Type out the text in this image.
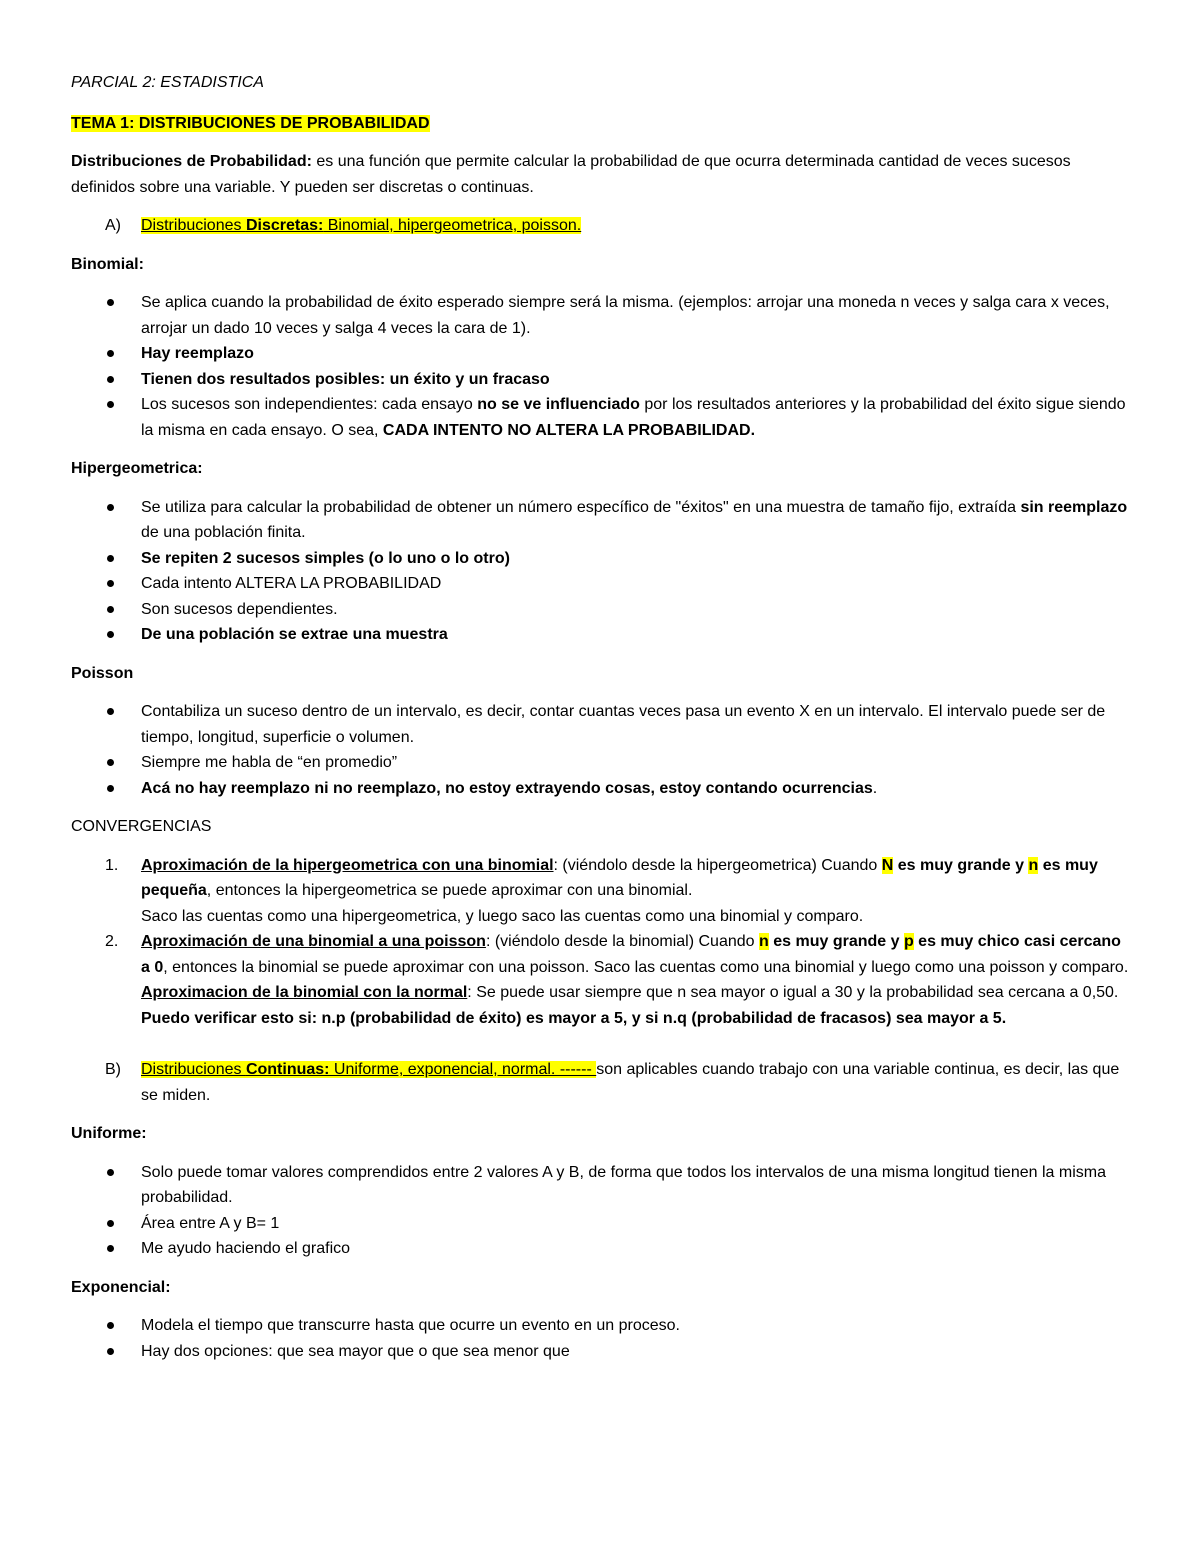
PARCIAL 2: ESTADISTICA

TEMA 1: DISTRIBUCIONES DE PROBABILIDAD

Distribuciones de Probabilidad: es una función que permite calcular la probabilidad de que ocurra determinada cantidad de veces sucesos definidos sobre una variable. Y pueden ser discretas o continuas.

A) Distribuciones Discretas: Binomial, hipergeometrica, poisson.
Binomial:
Se aplica cuando la probabilidad de éxito esperado siempre será la misma. (ejemplos: arrojar una moneda n veces y salga cara x veces, arrojar un dado 10 veces y salga 4 veces la cara de 1).
Hay reemplazo
Tienen dos resultados posibles: un éxito y un fracaso
Los sucesos son independientes: cada ensayo no se ve influenciado por los resultados anteriores y la probabilidad del éxito sigue siendo la misma en cada ensayo. O sea, CADA INTENTO NO ALTERA LA PROBABILIDAD.
Hipergeometrica:
Se utiliza para calcular la probabilidad de obtener un número específico de "éxitos" en una muestra de tamaño fijo, extraída sin reemplazo de una población finita.
Se repiten 2 sucesos simples (o lo uno o lo otro)
Cada intento ALTERA LA PROBABILIDAD
Son sucesos dependientes.
De una población se extrae una muestra
Poisson
Contabiliza un suceso dentro de un intervalo, es decir, contar cuantas veces pasa un evento X en un intervalo. El intervalo puede ser de tiempo, longitud, superficie o volumen.
Siempre me habla de “en promedio”
Acá no hay reemplazo ni no reemplazo, no estoy extrayendo cosas, estoy contando ocurrencias.

CONVERGENCIAS

1. Aproximación de la hipergeometrica con una binomial: (viéndolo desde la hipergeometrica) Cuando N es muy grande y n es muy pequeña, entonces la hipergeometrica se puede aproximar con una binomial.
Saco las cuentas como una hipergeometrica, y luego saco las cuentas como una binomial y comparo.
2. Aproximación de una binomial a una poisson: (viéndolo desde la binomial) Cuando n es muy grande y p es muy chico casi cercano a 0, entonces la binomial se puede aproximar con una poisson. Saco las cuentas como una binomial y luego como una poisson y comparo.
Aproximacion de la binomial con la normal: Se puede usar siempre que n sea mayor o igual a 30 y la probabilidad sea cercana a 0,50. Puedo verificar esto si: n.p (probabilidad de éxito) es mayor a 5, y si n.q (probabilidad de fracasos) sea mayor a 5.
B) Distribuciones Continuas: Uniforme, exponencial, normal. ------ son aplicables cuando trabajo con una variable continua, es decir, las que se miden.
Uniforme:
Solo puede tomar valores comprendidos entre 2 valores A y B, de forma que todos los intervalos de una misma longitud tienen la misma probabilidad.
Área entre A y B= 1
Me ayudo haciendo el grafico
Exponencial:
Modela el tiempo que transcurre hasta que ocurre un evento en un proceso.
Hay dos opciones: que sea mayor que o que sea menor que
